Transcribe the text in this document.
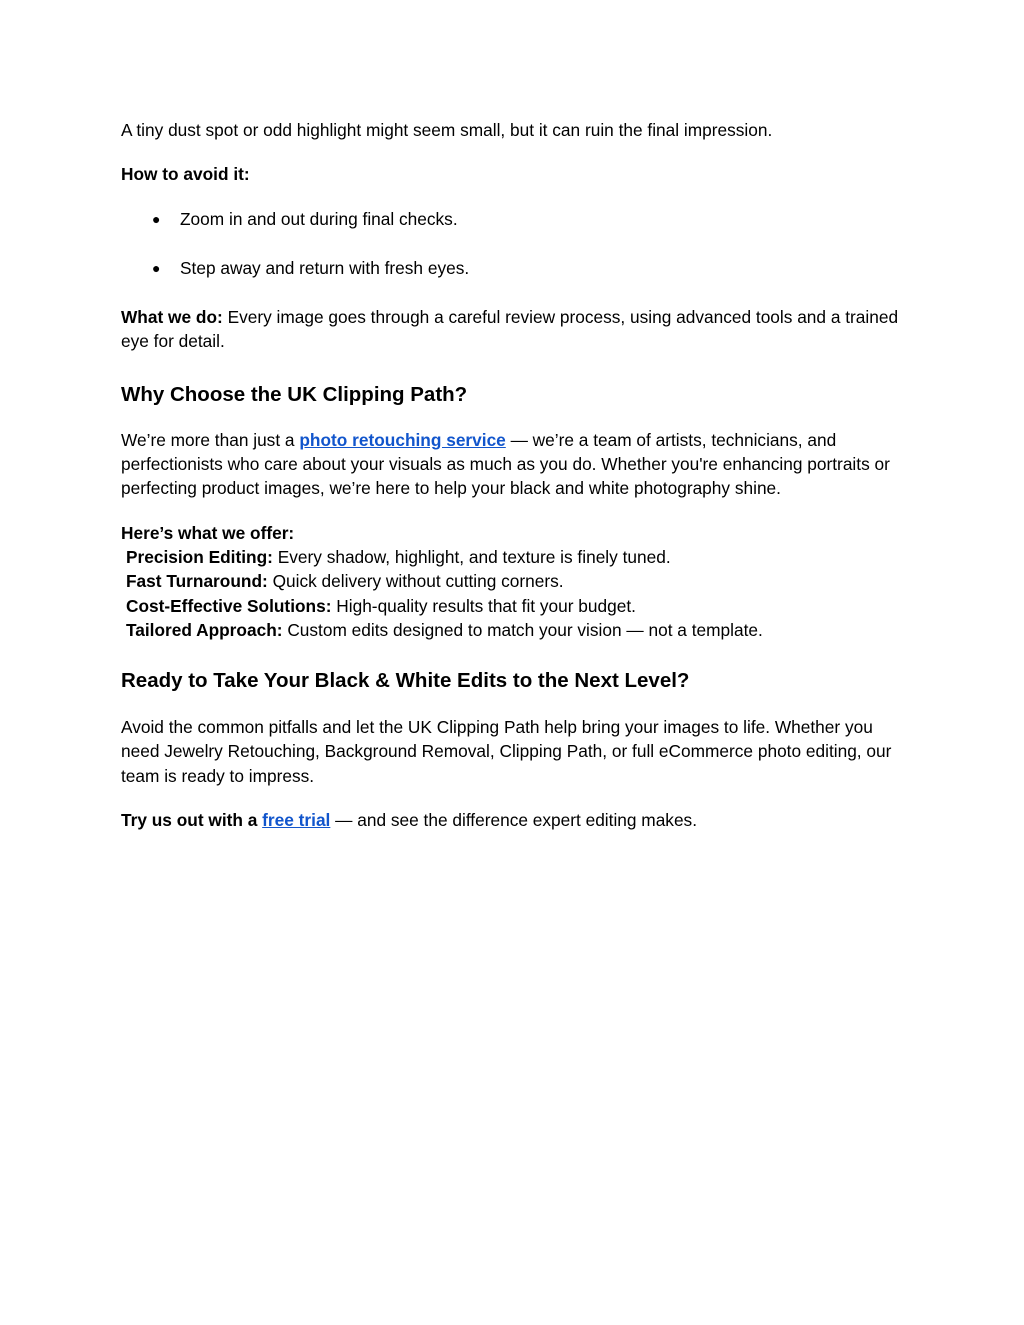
A tiny dust spot or odd highlight might seem small, but it can ruin the final impression.

How to avoid it:

● Zoom in and out during final checks.
● Step away and return with fresh eyes.

What we do: Every image goes through a careful review process, using advanced tools and a trained eye for detail.

Why Choose the UK Clipping Path?

We’re more than just a photo retouching service — we’re a team of artists, technicians, and perfectionists who care about your visuals as much as you do. Whether you're enhancing portraits or perfecting product images, we’re here to help your black and white photography shine.

Here’s what we offer:
Precision Editing: Every shadow, highlight, and texture is finely tuned.
Fast Turnaround: Quick delivery without cutting corners.
Cost-Effective Solutions: High-quality results that fit your budget.
Tailored Approach: Custom edits designed to match your vision — not a template.
Ready to Take Your Black & White Edits to the Next Level?

Avoid the common pitfalls and let the UK Clipping Path help bring your images to life. Whether you need Jewelry Retouching, Background Removal, Clipping Path, or full eCommerce photo editing, our team is ready to impress.

Try us out with a free trial — and see the difference expert editing makes.
